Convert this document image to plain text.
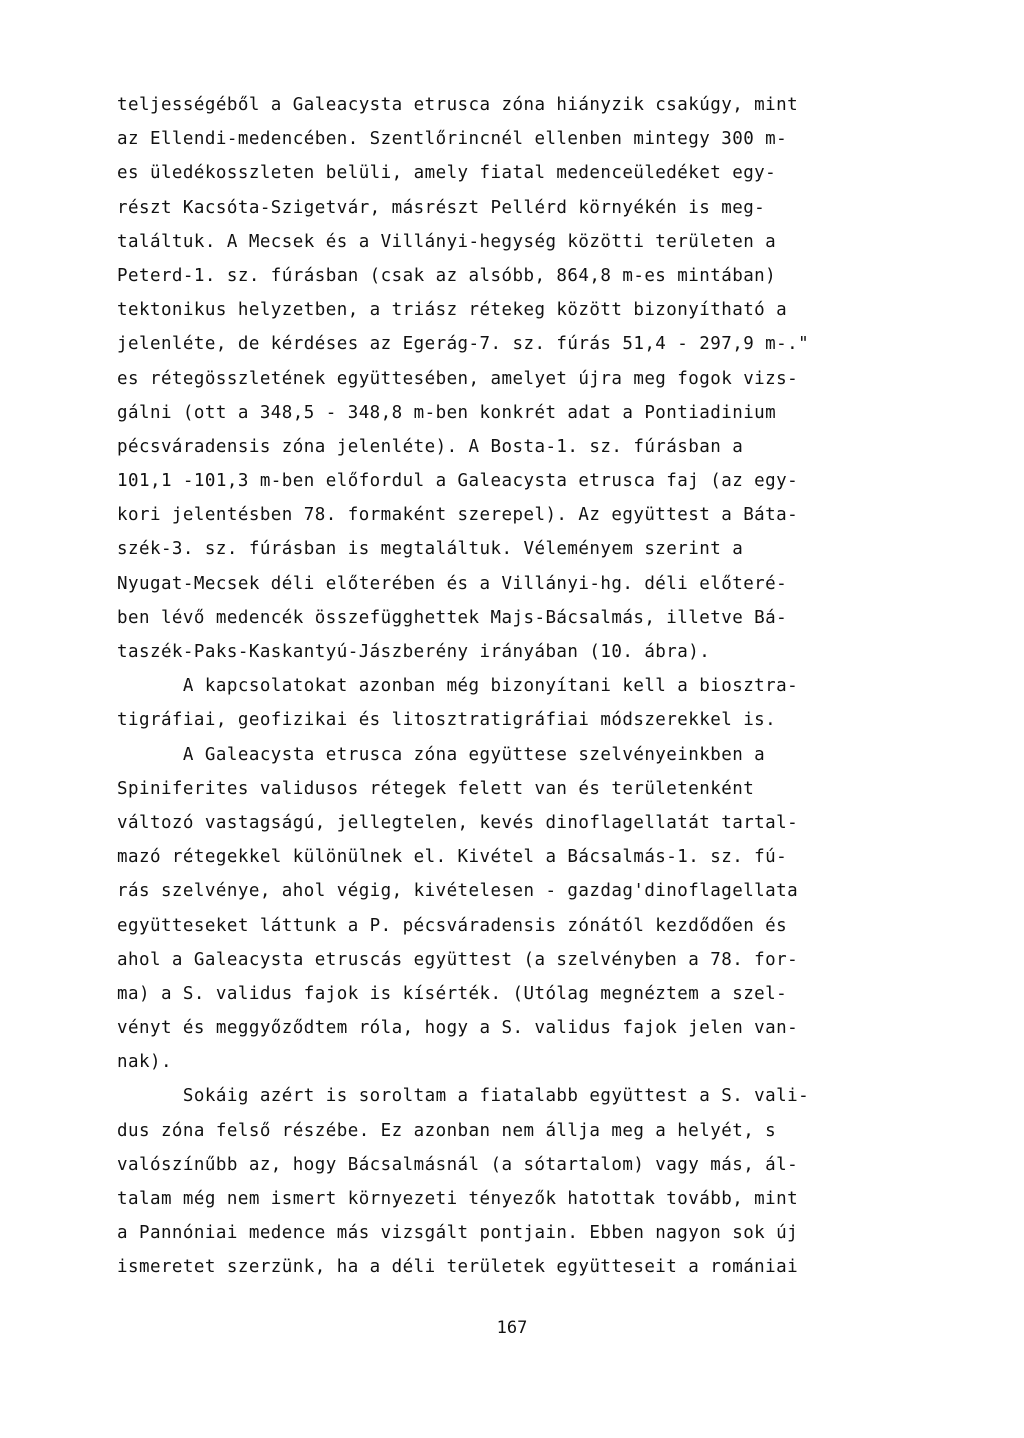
teljességéből a Galeacysta etrusca zóna hiányzik csakúgy, mint
az Ellendi-medencében. Szentlőrincnél ellenben mintegy 300 m-
es üledékosszleten belüli, amely fiatal medenceüledéket egy-
részt Kacsóta-Szigetvár, másrészt Pellérd környékén is meg-
találtuk. A Mecsek és a Villányi-hegység közötti területen a
Peterd-1. sz. fúrásban (csak az alsóbb, 864,8 m-es mintában)
tektonikus helyzetben, a triász rétekeg között bizonyítható a
jelenléte, de kérdéses az Egerág-7. sz. fúrás 51,4 - 297,9 m-."
es rétegösszletének együttesében, amelyet újra meg fogok vizs-
gálni (ott a 348,5 - 348,8 m-ben konkrét adat a Pontiadinium
pécsváradensis zóna jelenléte). A Bosta-1. sz. fúrásban a
101,1 -101,3 m-ben előfordul a Galeacysta etrusca faj (az egy-
kori jelentésben 78. formaként szerepel). Az együttest a Báta-
szék-3. sz. fúrásban is megtaláltuk. Véleményem szerint a
Nyugat-Mecsek déli előterében és a Villányi-hg. déli előteré-
ben lévő medencék összefügghettek Majs-Bácsalmás, illetve Bá-
taszék-Paks-Kaskantyú-Jászberény irányában (10. ábra).
A kapcsolatokat azonban még bizonyítani kell a biosztra-
tigráfiai, geofizikai és litosztratigráfiai módszerekkel is.
A Galeacysta etrusca zóna együttese szelvényeinkben a
Spiniferites validusos rétegek felett van és területenként
változó vastagságú, jellegtelen, kevés dinoflagellatát tartal-
mazó rétegekkel különülnek el. Kivétel a Bácsalmás-1. sz. fú-
rás szelvénye, ahol végig, kivételesen - gazdag'dinoflagellata
együtteseket láttunk a P. pécsváradensis zónától kezdődően és
ahol a Galeacysta etruscás együttest (a szelvényben a 78. for-
ma) a S. validus fajok is kísérték. (Utólag megnéztem a szel-
vényt és meggyőződtem róla, hogy a S. validus fajok jelen van-
nak).
Sokáig azért is soroltam a fiatalabb együttest a S. vali-
dus zóna felső részébe. Ez azonban nem állja meg a helyét, s
valószínűbb az, hogy Bácsalmásnál (a sótartalom) vagy más, ál-
talam még nem ismert környezeti tényezők hatottak tovább, mint
a Pannóniai medence más vizsgált pontjain. Ebben nagyon sok új
ismeretet szerzünk, ha a déli területek együtteseit a romániai
167
